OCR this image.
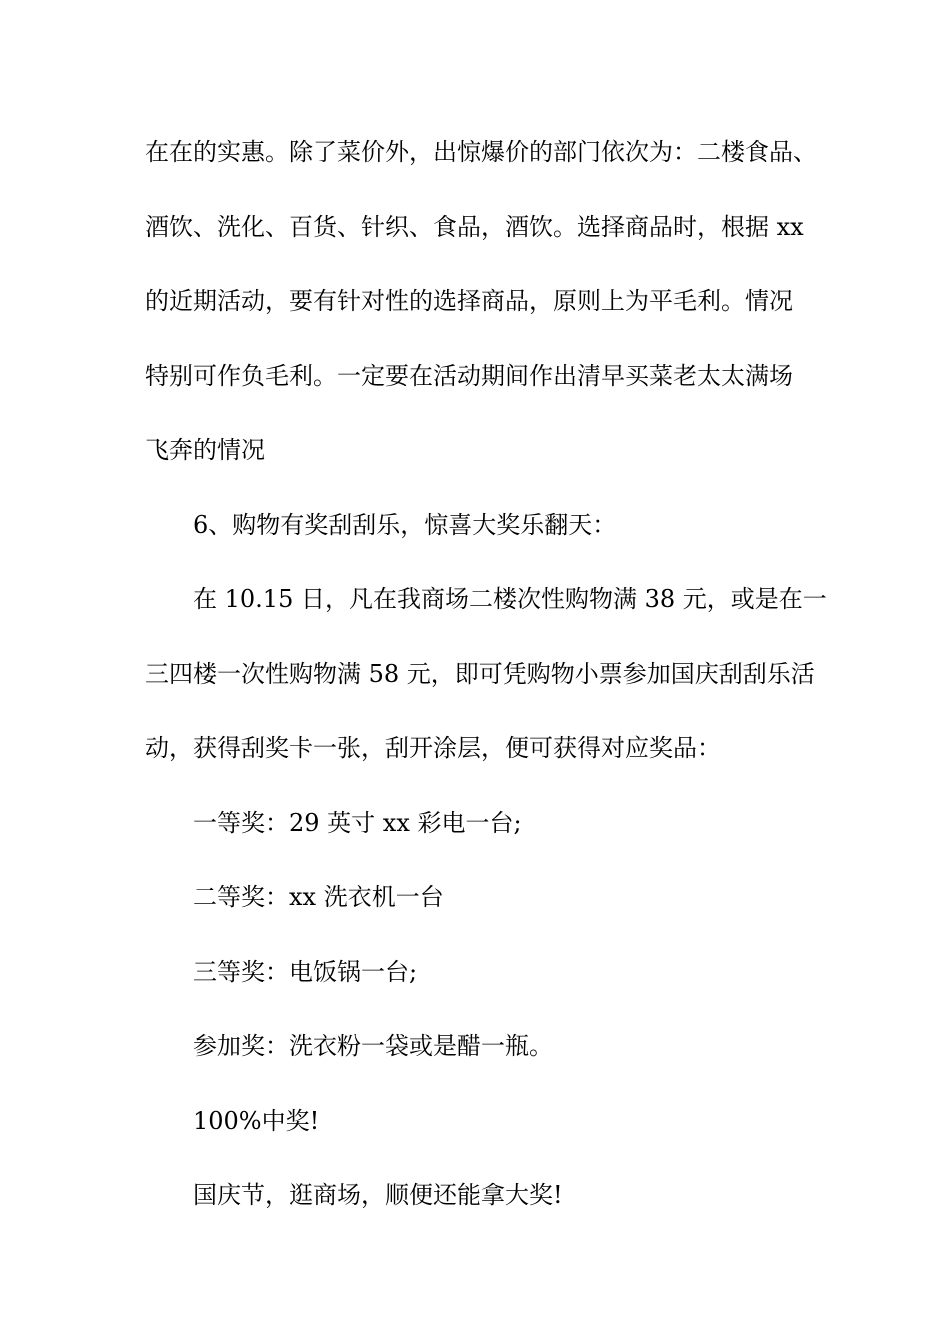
在在的实惠。除了菜价外，出惊爆价的部门依次为：二楼食品、
酒饮、洗化、百货、针织、食品，酒饮。选择商品时，根据 xx
的近期活动，要有针对性的选择商品，原则上为平毛利。情况
特别可作负毛利。一定要在活动期间作出清早买菜老太太满场
飞奔的情况
6、购物有奖刮刮乐，惊喜大奖乐翻天：
在 10.15 日，凡在我商场二楼次性购物满 38 元，或是在一
三四楼一次性购物满 58 元，即可凭购物小票参加国庆刮刮乐活
动，获得刮奖卡一张，刮开涂层，便可获得对应奖品：
一等奖：29 英寸 xx 彩电一台;
二等奖：xx 洗衣机一台
三等奖：电饭锅一台;
参加奖：洗衣粉一袋或是醋一瓶。
100%中奖!
国庆节，逛商场，顺便还能拿大奖!
